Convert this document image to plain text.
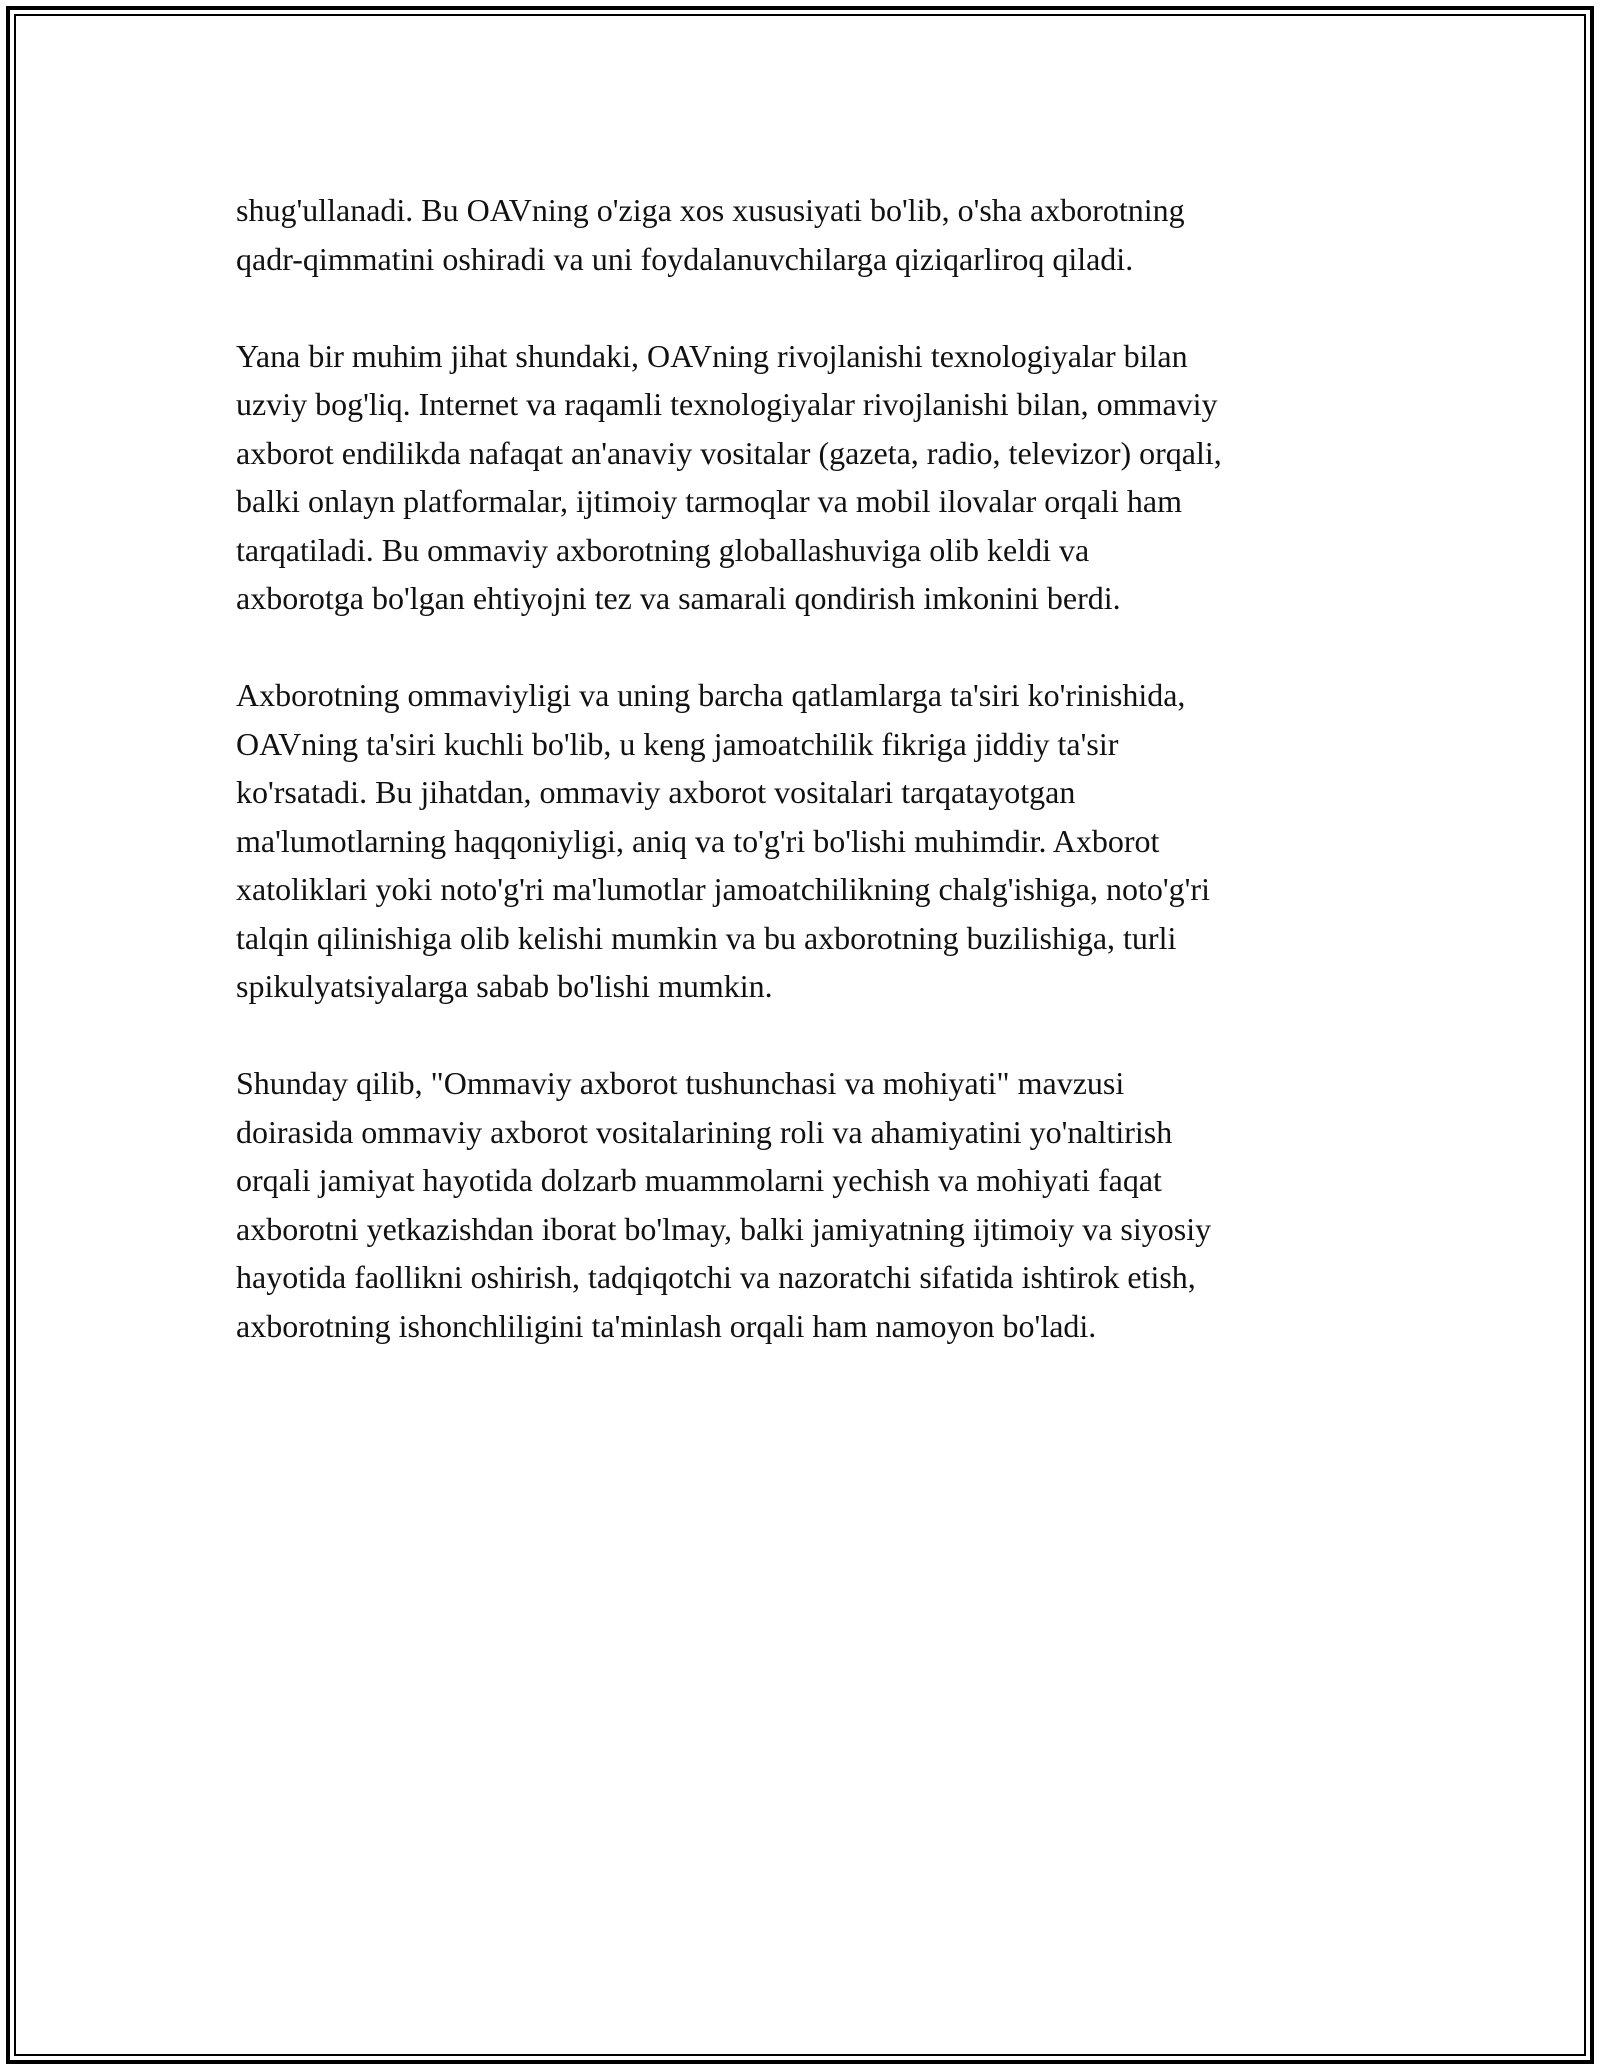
shug'ullanadi. Bu OAVning o'ziga xos xususiyati bo'lib, o'sha axborotning
qadr-qimmatini oshiradi va uni foydalanuvchilarga qiziqarliroq qiladi.

Yana bir muhim jihat shundaki, OAVning rivojlanishi texnologiyalar bilan
uzviy bog'liq. Internet va raqamli texnologiyalar rivojlanishi bilan, ommaviy
axborot endilikda nafaqat an'anaviy vositalar (gazeta, radio, televizor) orqali,
balki onlayn platformalar, ijtimoiy tarmoqlar va mobil ilovalar orqali ham
tarqatiladi. Bu ommaviy axborotning globallashuviga olib keldi va
axborotga bo'lgan ehtiyojni tez va samarali qondirish imkonini berdi.

Axborotning ommaviyligi va uning barcha qatlamlarga ta'siri ko'rinishida,
OAVning ta'siri kuchli bo'lib, u keng jamoatchilik fikriga jiddiy ta'sir
ko'rsatadi. Bu jihatdan, ommaviy axborot vositalari tarqatayotgan
ma'lumotlarning haqqoniyligi, aniq va to'g'ri bo'lishi muhimdir. Axborot
xatoliklari yoki noto'g'ri ma'lumotlar jamoatchilikning chalg'ishiga, noto'g'ri
talqin qilinishiga olib kelishi mumkin va bu axborotning buzilishiga, turli
spikulyatsiyalarga sabab bo'lishi mumkin.

Shunday qilib, "Ommaviy axborot tushunchasi va mohiyati" mavzusi
doirasida ommaviy axborot vositalarining roli va ahamiyatini yo'naltirish
orqali jamiyat hayotida dolzarb muammolarni yechish va mohiyati faqat
axborotni yetkazishdan iborat bo'lmay, balki jamiyatning ijtimoiy va siyosiy
hayotida faollikni oshirish, tadqiqotchi va nazoratchi sifatida ishtirok etish,
axborotning ishonchliligini ta'minlash orqali ham namoyon bo'ladi.
